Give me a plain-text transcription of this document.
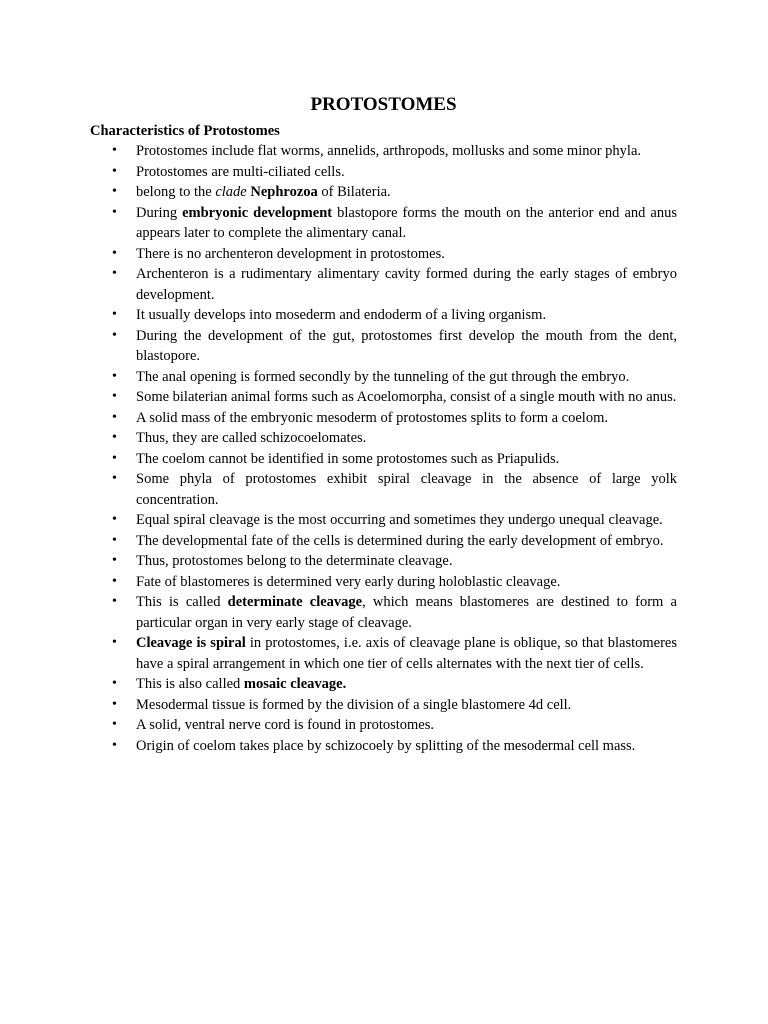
PROTOSTOMES

Characteristics of Protostomes

• Protostomes include flat worms, annelids, arthropods, mollusks and some minor phyla.
• Protostomes are multi-ciliated cells.
• belong to the clade Nephrozoa of Bilateria.
• During embryonic development blastopore forms the mouth on the anterior end and anus appears later to complete the alimentary canal.
• There is no archenteron development in protostomes.
• Archenteron is a rudimentary alimentary cavity formed during the early stages of embryo development.
• It usually develops into mosederm and endoderm of a living organism.
• During the development of the gut, protostomes first develop the mouth from the dent, blastopore.
• The anal opening is formed secondly by the tunneling of the gut through the embryo.
• Some bilaterian animal forms such as Acoelomorpha, consist of a single mouth with no anus.
• A solid mass of the embryonic mesoderm of protostomes splits to form a coelom.
• Thus, they are called schizocoelomates.
• The coelom cannot be identified in some protostomes such as Priapulids.
• Some phyla of protostomes exhibit spiral cleavage in the absence of large yolk concentration.
• Equal spiral cleavage is the most occurring and sometimes they undergo unequal cleavage.
• The developmental fate of the cells is determined during the early development of embryo.
• Thus, protostomes belong to the determinate cleavage.
• Fate of blastomeres is determined very early during holoblastic cleavage.
• This is called determinate cleavage, which means blastomeres are destined to form a particular organ in very early stage of cleavage.
• Cleavage is spiral in protostomes, i.e. axis of cleavage plane is oblique, so that blastomeres have a spiral arrangement in which one tier of cells alternates with the next tier of cells.
• This is also called mosaic cleavage.
• Mesodermal tissue is formed by the division of a single blastomere 4d cell.
• A solid, ventral nerve cord is found in protostomes.
• Origin of coelom takes place by schizocoely by splitting of the mesodermal cell mass.
